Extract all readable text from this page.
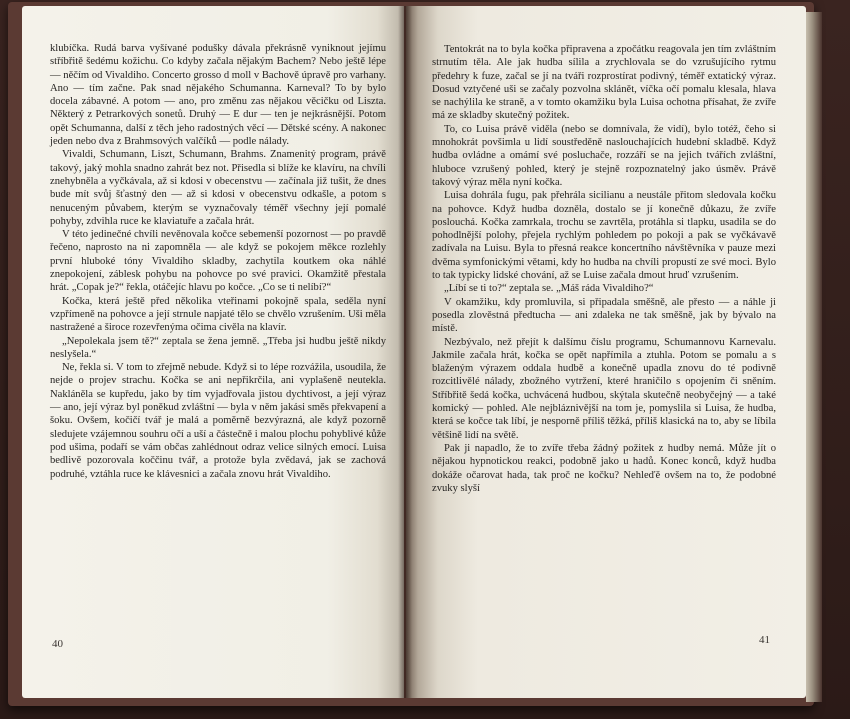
klubíčka. Rudá barva vyšívané podušky dávala překrásně vyniknout jejímu stříbřitě šedému kožichu. Co kdyby začala nějakým Bachem? Nebo ještě lépe — něčím od Vivaldiho. Concerto grosso d moll v Bachově úpravě pro varhany. Ano — tím začne. Pak snad nějakého Schumanna. Karneval? To by bylo docela zábavné. A potom — ano, pro změnu zas nějakou věcičku od Liszta. Některý z Petrarkových sonetů. Druhý — E dur — ten je nejkrásnější. Potom opět Schumanna, další z těch jeho radostných věcí — Dětské scény. A nakonec jeden nebo dva z Brahmsových valčíků — podle nálady.

Vivaldi, Schumann, Liszt, Schumann, Brahms. Znamenitý program, právě takový, jaký mohla snadno zahrát bez not. Přisedla si blíže ke klavíru, na chvíli znehybněla a vyčkávala, až si kdosi v obecenstvu — začínala již tušit, že dnes bude mít svůj šťastný den — až si kdosi v obecenstvu odkašle, a potom s nenuceným půvabem, kterým se vyznačovaly téměř všechny její pomalé pohyby, zdvihla ruce ke klaviatuře a začala hrát.

V této jedinečné chvíli nevěnovala kočce sebemenší pozornost — po pravdě řečeno, naprosto na ni zapomněla — ale když se pokojem měkce rozlehly první hluboké tóny Vivaldiho skladby, zachytila koutkem oka náhlé znepokojení, záblesk pohybu na pohovce po své pravici. Okamžitě přestala hrát. „Copak je?“ řekla, otáčejíc hlavu po kočce. „Co se ti nelíbí?“

Kočka, která ještě před několika vteřinami pokojně spala, seděla nyní vzpřímeně na pohovce a její strnule napjaté tělo se chvělo vzrušením. Uši měla nastražené a široce rozevřenýma očima civěla na klavír.

„Nepolekala jsem tě?“ zeptala se žena jemně. „Třeba jsi hudbu ještě nikdy neslyšela.“

Ne, řekla si. V tom to zřejmě nebude. Když si to lépe rozvážila, usoudila, že nejde o projev strachu. Kočka se ani nepřikrčila, ani vyplašeně neutekla. Nakláněla se kupředu, jako by tím vyjadřovala jistou dychtivost, a její výraz — ano, její výraz byl poněkud zvláštní — byla v něm jakási směs překvapení a šoku. Ovšem, kočičí tvář je malá a poměrně bezvýrazná, ale když pozorně sledujete vzájemnou souhru očí a uší a částečně i malou plochu pohyblivé kůže pod ušima, podaří se vám občas zahlédnout odraz velice silných emocí. Luisa bedlivě pozorovala koččinu tvář, a protože byla zvědavá, jak se zachová podruhé, vztáhla ruce ke klávesnici a začala znovu hrát Vivaldiho.

40

Tentokrát na to byla kočka připravena a zpočátku reagovala jen tím zvláštním strnutím těla. Ale jak hudba sílila a zrychlovala se do vzrušujícího rytmu předehry k fuze, začal se jí na tváři rozprostírat podivný, téměř extatický výraz. Dosud vztyčené uši se začaly pozvolna sklánět, víčka očí pomalu klesala, hlava se nachýlila ke straně, a v tomto okamžiku byla Luisa ochotna přísahat, že zvíře má ze skladby skutečný požitek.

To, co Luisa právě viděla (nebo se domnívala, že vidí), bylo totéž, čeho si mnohokrát povšimla u lidí soustředěně naslouchajících hudební skladbě. Když hudba ovládne a omámí své posluchače, rozzáří se na jejich tvářích zvláštní, hluboce vzrušený pohled, který je stejně rozpoznatelný jako úsměv. Právě takový výraz měla nyní kočka.

Luisa dohrála fugu, pak přehrála sicilianu a neustále přitom sledovala kočku na pohovce. Když hudba dozněla, dostalo se jí konečně důkazu, že zvíře poslouchá. Kočka zamrkala, trochu se zavrtěla, protáhla si tlapku, usadila se do pohodlnější polohy, přejela rychlým pohledem po pokoji a pak se vyčkávavě zadívala na Luisu. Byla to přesná reakce koncertního návštěvníka v pauze mezi dvěma symfonickými větami, kdy ho hudba na chvíli propustí ze své moci. Bylo to tak typicky lidské chování, až se Luise začala dmout hruď vzrušením.

„Líbí se ti to?“ zeptala se. „Máš ráda Vivaldiho?“

V okamžiku, kdy promluvila, si připadala směšně, ale přesto — a náhle ji posedla zlověstná předtucha — ani zdaleka ne tak směšně, jak by bývalo na místě.

Nezbývalo, než přejít k dalšímu číslu programu, Schumannovu Karnevalu. Jakmile začala hrát, kočka se opět napřímila a ztuhla. Potom se pomalu a s blaženým výrazem oddala hudbě a konečně upadla znovu do té podivně rozcitlivělé nálady, zbožného vytržení, které hraničilo s opojením či sněním. Stříbřitě šedá kočka, uchvácená hudbou, skýtala skutečně neobyčejný — a také komický — pohled. Ale nejbláznivější na tom je, pomyslila si Luisa, že hudba, která se kočce tak líbí, je nesporně příliš těžká, příliš klasická na to, aby se líbila většině lidí na světě.

Pak ji napadlo, že to zvíře třeba žádný požitek z hudby nemá. Může jít o nějakou hypnotickou reakci, podobně jako u hadů. Konec konců, když hudba dokáže očarovat hada, tak proč ne kočku? Nehleďě ovšem na to, že podobné zvuky slyší

41
